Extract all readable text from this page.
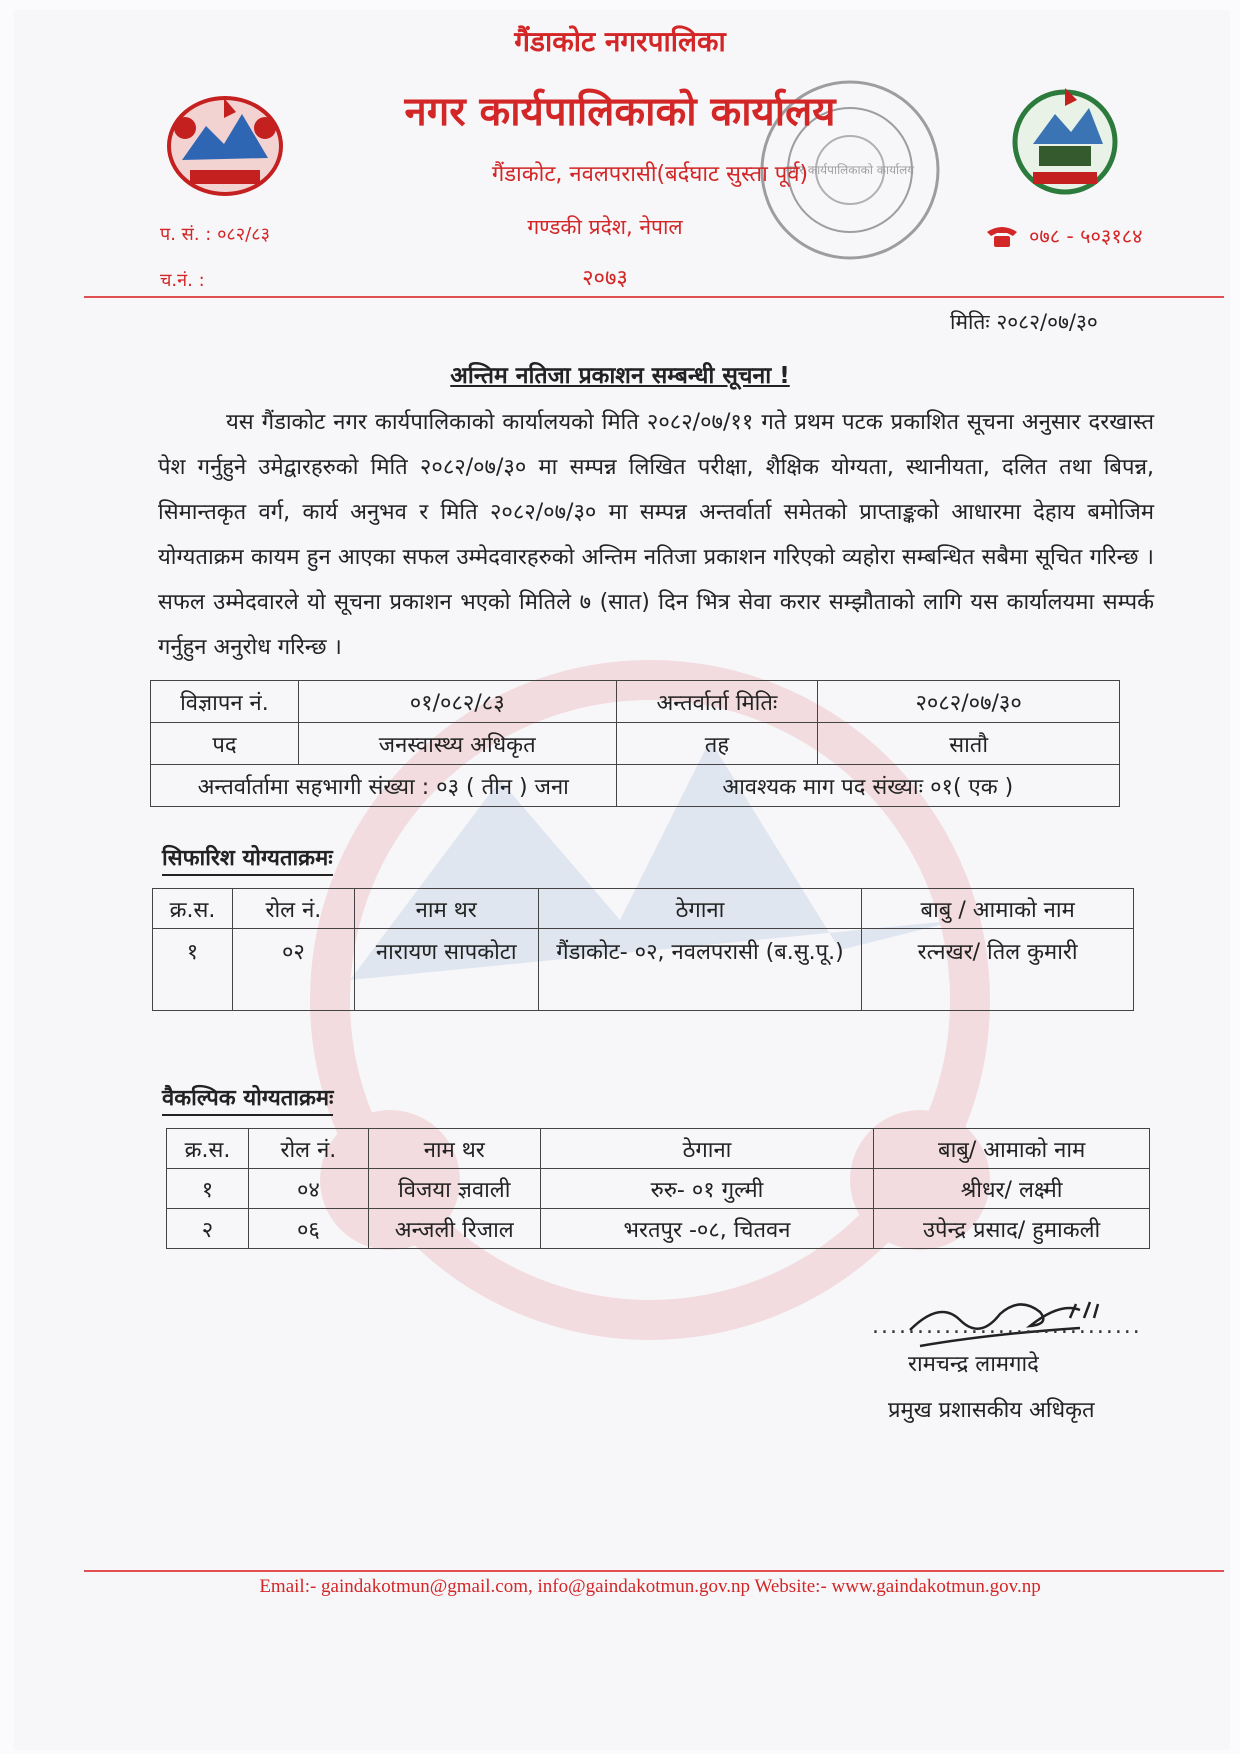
नगर कार्यपालिकाको कार्यालय
गैंडाकोट नगरपालिका
नगर कार्यपालिकाको कार्यालय
गैंडाकोट, नवलपरासी(बर्दघाट सुस्ता पूर्व)
गण्डकी प्रदेश, नेपाल
२०७३
प. सं. : ०८२/८३
च.नं. :
०७८ - ५०३१८४
मितिः २०८२/०७/३०
अन्तिम नतिजा प्रकाशन सम्बन्धी सूचना !
यस गैंडाकोट नगर कार्यपालिकाको कार्यालयको मिति २०८२/०७/११ गते प्रथम पटक प्रकाशित सूचना अनुसार दरखास्त पेश गर्नुहुने उमेद्वारहरुको मिति २०८२/०७/३० मा सम्पन्न लिखित परीक्षा, शैक्षिक योग्यता, स्थानीयता, दलित तथा बिपन्न, सिमान्तकृत वर्ग, कार्य अनुभव र मिति २०८२/०७/३० मा सम्पन्न अन्तर्वार्ता समेतको प्राप्ताङ्कको आधारमा देहाय बमोजिम योग्यताक्रम कायम हुन आएका सफल उम्मेदवारहरुको अन्तिम नतिजा प्रकाशन गरिएको व्यहोरा सम्बन्धित सबैमा सूचित गरिन्छ । सफल उम्मेदवारले यो सूचना प्रकाशन भएको मितिले ७ (सात) दिन भित्र सेवा करार सम्झौताको लागि यस कार्यालयमा सम्पर्क गर्नुहुन अनुरोध गरिन्छ ।
विज्ञापन नं.	०१/०८२/८३	अन्तर्वार्ता मितिः	२०८२/०७/३०
पद	जनस्वास्थ्य अधिकृत	तह	सातौ
अन्तर्वार्तामा सहभागी संख्या : ०३ ( तीन ) जना		आवश्यक माग पद संख्याः ०१( एक )	
सिफारिश योग्यताक्रमः
क्र.स.	रोल नं.	नाम थर	ठेगाना	बाबु / आमाको नाम
१	०२	नारायण सापकोटा	गैंडाकोट- ०२, नवलपरासी (ब.सु.पू.)	रत्नखर/ तिल कुमारी
वैकल्पिक योग्यताक्रमः
क्र.स.	रोल नं.	नाम थर	ठेगाना	बाबु/ आमाको नाम
१	०४	विजया ज्ञवाली	रुरु- ०१ गुल्मी	श्रीधर/ लक्ष्मी
२	०६	अन्जली रिजाल	भरतपुर -०८, चितवन	उपेन्द्र प्रसाद/ हुमाकली
..............................
रामचन्द्र लामगादे
प्रमुख प्रशासकीय अधिकृत
Email:- gaindakotmun@gmail.com, info@gaindakotmun.gov.np Website:- www.gaindakotmun.gov.np
